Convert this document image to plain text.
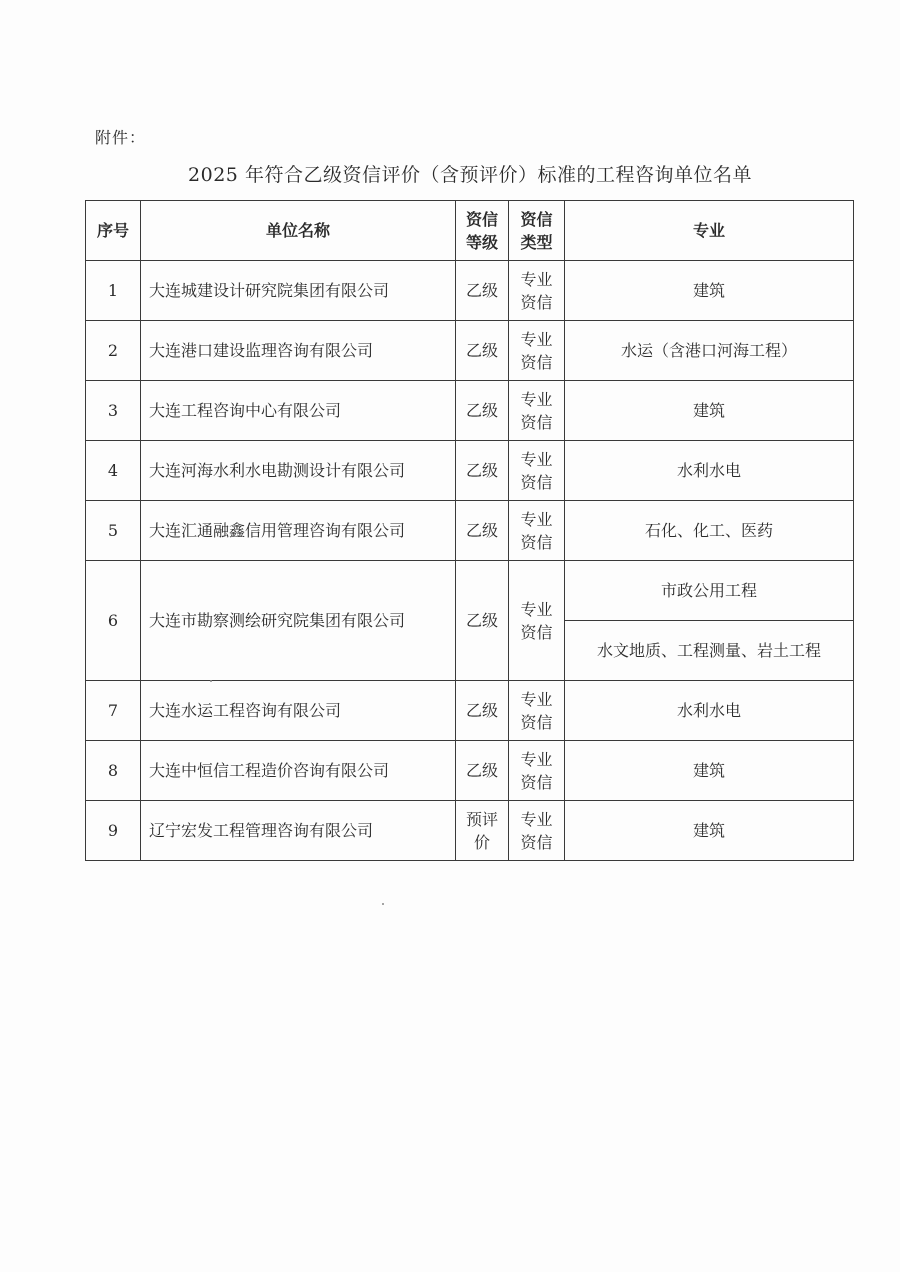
附件：
2025 年符合乙级资信评价（含预评价）标准的工程咨询单位名单
序号	单位名称	资信等级	资信类型	专业
1	大连城建设计研究院集团有限公司	乙级	专业资信	建筑
2	大连港口建设监理咨询有限公司	乙级	专业资信	水运（含港口河海工程）
3	大连工程咨询中心有限公司	乙级	专业资信	建筑
4	大连河海水利水电勘测设计有限公司	乙级	专业资信	水利水电
5	大连汇通融鑫信用管理咨询有限公司	乙级	专业资信	石化、化工、医药
6	大连市勘察测绘研究院集团有限公司	乙级	专业资信	市政公用工程
				水文地质、工程测量、岩土工程
7	大连水运工程咨询有限公司	乙级	专业资信	水利水电
8	大连中恒信工程造价咨询有限公司	乙级	专业资信	建筑
9	辽宁宏发工程管理咨询有限公司	预评价	专业资信	建筑
